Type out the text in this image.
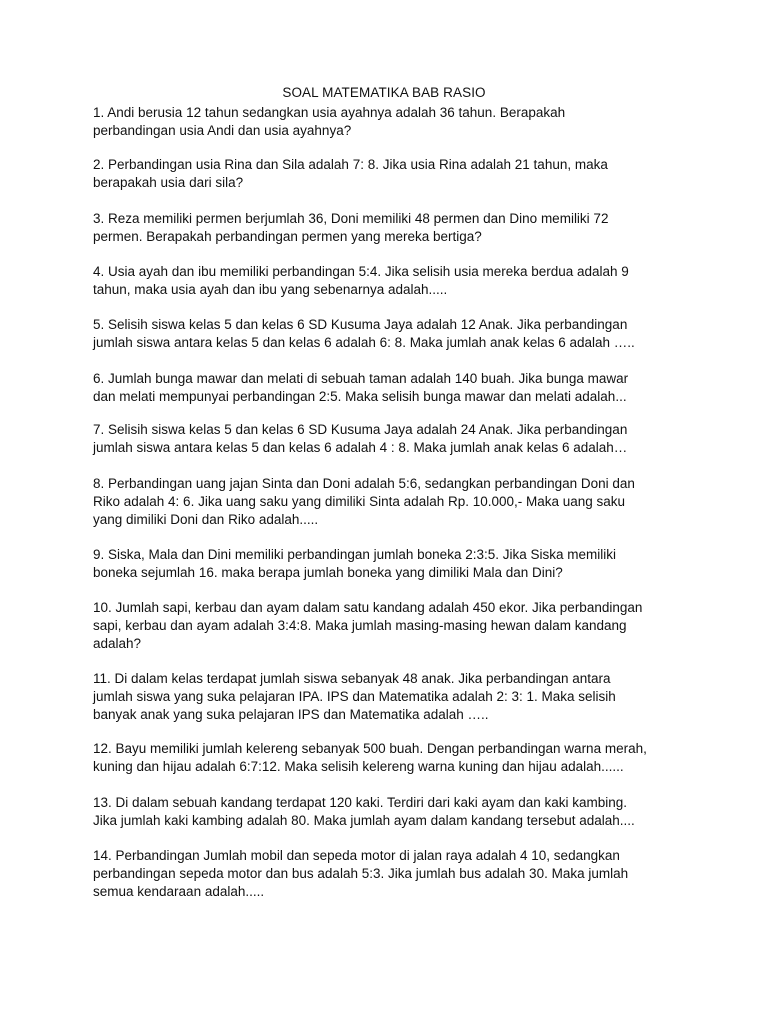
SOAL MATEMATIKA BAB RASIO
1. Andi berusia 12 tahun sedangkan usia ayahnya adalah 36 tahun. Berapakah
perbandingan usia Andi dan usia ayahnya?
2. Perbandingan usia Rina dan Sila adalah 7: 8. Jika usia Rina adalah 21 tahun, maka
berapakah usia dari sila?
3. Reza memiliki permen berjumlah 36, Doni memiliki 48 permen dan Dino memiliki 72
permen. Berapakah perbandingan permen yang mereka bertiga?
4. Usia ayah dan ibu memiliki perbandingan 5:4. Jika selisih usia mereka berdua adalah 9
tahun, maka usia ayah dan ibu yang sebenarnya adalah.....
5. Selisih siswa kelas 5 dan kelas 6 SD Kusuma Jaya adalah 12 Anak. Jika perbandingan
jumlah siswa antara kelas 5 dan kelas 6 adalah 6: 8. Maka jumlah anak kelas 6 adalah …..
6. Jumlah bunga mawar dan melati di sebuah taman adalah 140 buah. Jika bunga mawar
dan melati mempunyai perbandingan 2:5. Maka selisih bunga mawar dan melati adalah...
7. Selisih siswa kelas 5 dan kelas 6 SD Kusuma Jaya adalah 24 Anak. Jika perbandingan
jumlah siswa antara kelas 5 dan kelas 6 adalah 4 : 8. Maka jumlah anak kelas 6 adalah…
8. Perbandingan uang jajan Sinta dan Doni adalah 5:6, sedangkan perbandingan Doni dan
Riko adalah 4: 6. Jika uang saku yang dimiliki Sinta adalah Rp. 10.000,- Maka uang saku
yang dimiliki Doni dan Riko adalah.....
9. Siska, Mala dan Dini memiliki perbandingan jumlah boneka 2:3:5. Jika Siska memiliki
boneka sejumlah 16. maka berapa jumlah boneka yang dimiliki Mala dan Dini?
10. Jumlah sapi, kerbau dan ayam dalam satu kandang adalah 450 ekor. Jika perbandingan
sapi, kerbau dan ayam adalah 3:4:8. Maka jumlah masing-masing hewan dalam kandang
adalah?
11. Di dalam kelas terdapat jumlah siswa sebanyak 48 anak. Jika perbandingan antara
jumlah siswa yang suka pelajaran IPA. IPS dan Matematika adalah 2: 3: 1. Maka selisih
banyak anak yang suka pelajaran IPS dan Matematika adalah …..
12. Bayu memiliki jumlah kelereng sebanyak 500 buah. Dengan perbandingan warna merah,
kuning dan hijau adalah 6:7:12. Maka selisih kelereng warna kuning dan hijau adalah......
13. Di dalam sebuah kandang terdapat 120 kaki. Terdiri dari kaki ayam dan kaki kambing.
Jika jumlah kaki kambing adalah 80. Maka jumlah ayam dalam kandang tersebut adalah....
14. Perbandingan Jumlah mobil dan sepeda motor di jalan raya adalah 4 10, sedangkan
perbandingan sepeda motor dan bus adalah 5:3. Jika jumlah bus adalah 30. Maka jumlah
semua kendaraan adalah.....
